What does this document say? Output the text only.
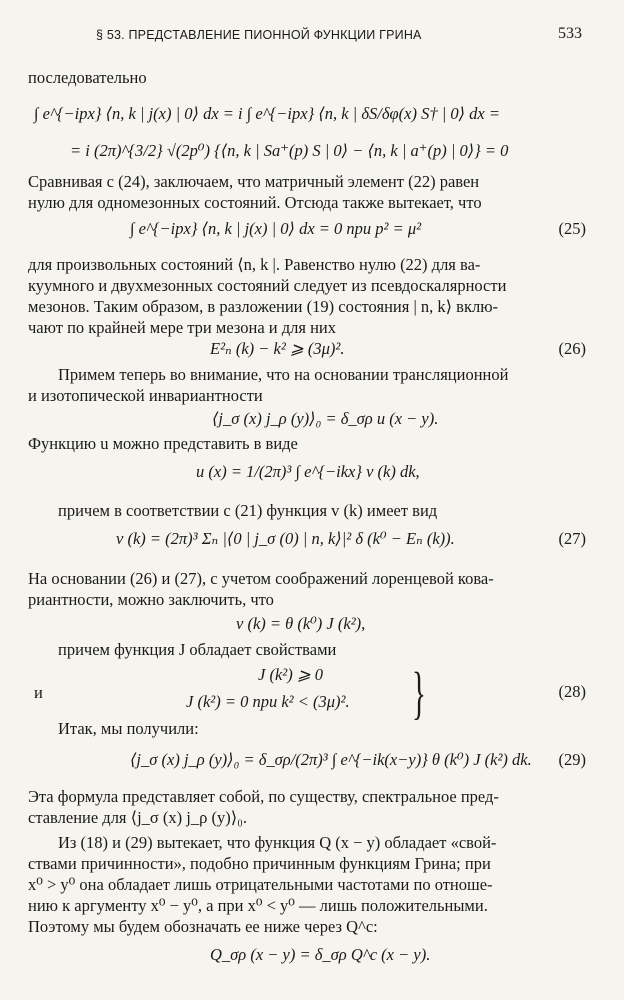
§ 53. ПРЕДСТАВЛЕНИЕ ПИОННОЙ ФУНКЦИИ ГРИНА	533
последовательно
∫ e^{−ipx} ⟨n, k | j(x) | 0⟩ dx = i ∫ e^{−ipx} ⟨n, k | δS/δφ(x) S† | 0⟩ dx =
= i (2π)^{3/2} √(2p⁰) {⟨n, k | Sa⁺(p) S | 0⟩ − ⟨n, k | a⁺(p) | 0⟩} = 0
Сравнивая с (24), заключаем, что матричный элемент (22) равен
нулю для одномезонных состояний. Отсюда также вытекает, что
∫ e^{−ipx} ⟨n, k | j(x) | 0⟩ dx = 0 при p² = μ²	(25)
для произвольных состояний ⟨n, k |. Равенство нулю (22) для ва-
куумного и двухмезонных состояний следует из псевдоскалярности
мезонов. Таким образом, в разложении (19) состояния | n, k⟩ вклю-
чают по крайней мере три мезона и для них
E²ₙ (k) − k² ⩾ (3μ)².	(26)
Примем теперь во внимание, что на основании трансляционной
и изотопической инвариантности
⟨j_σ (x) j_ρ (y)⟩₀ = δ_σρ u (x − y).
Функцию u можно представить в виде
u (x) = 1/(2π)³ ∫ e^{−ikx} v (k) dk,
причем в соответствии с (21) функция v (k) имеет вид
v (k) = (2π)³ Σₙ |⟨0 | j_σ (0) | n, k⟩|² δ (k⁰ − Eₙ (k)).	(27)
На основании (26) и (27), с учетом соображений лоренцевой кова-
риантности, можно заключить, что
v (k) = θ (k⁰) J (k²),
причем функция J обладает свойствами
J (k²) ⩾ 0
и	J (k²) = 0 при k² < (3μ)². }	(28)
Итак, мы получили:
⟨j_σ (x) j_ρ (y)⟩₀ = δ_σρ/(2π)³ ∫ e^{−ik(x−y)} θ (k⁰) J (k²) dk. (29)
Эта формула представляет собой, по существу, спектральное пред-
ставление для ⟨j_σ (x) j_ρ (y)⟩₀.
Из (18) и (29) вытекает, что функция Q (x − y) обладает «свой-
ствами причинности», подобно причинным функциям Грина; при
x⁰ > y⁰ она обладает лишь отрицательными частотами по отноше-
нию к аргументу x⁰ − y⁰, а при x⁰ < y⁰ — лишь положительными.
Поэтому мы будем обозначать ее ниже через Q^c:
Q_σρ (x − y) = δ_σρ Q^c (x − y).
